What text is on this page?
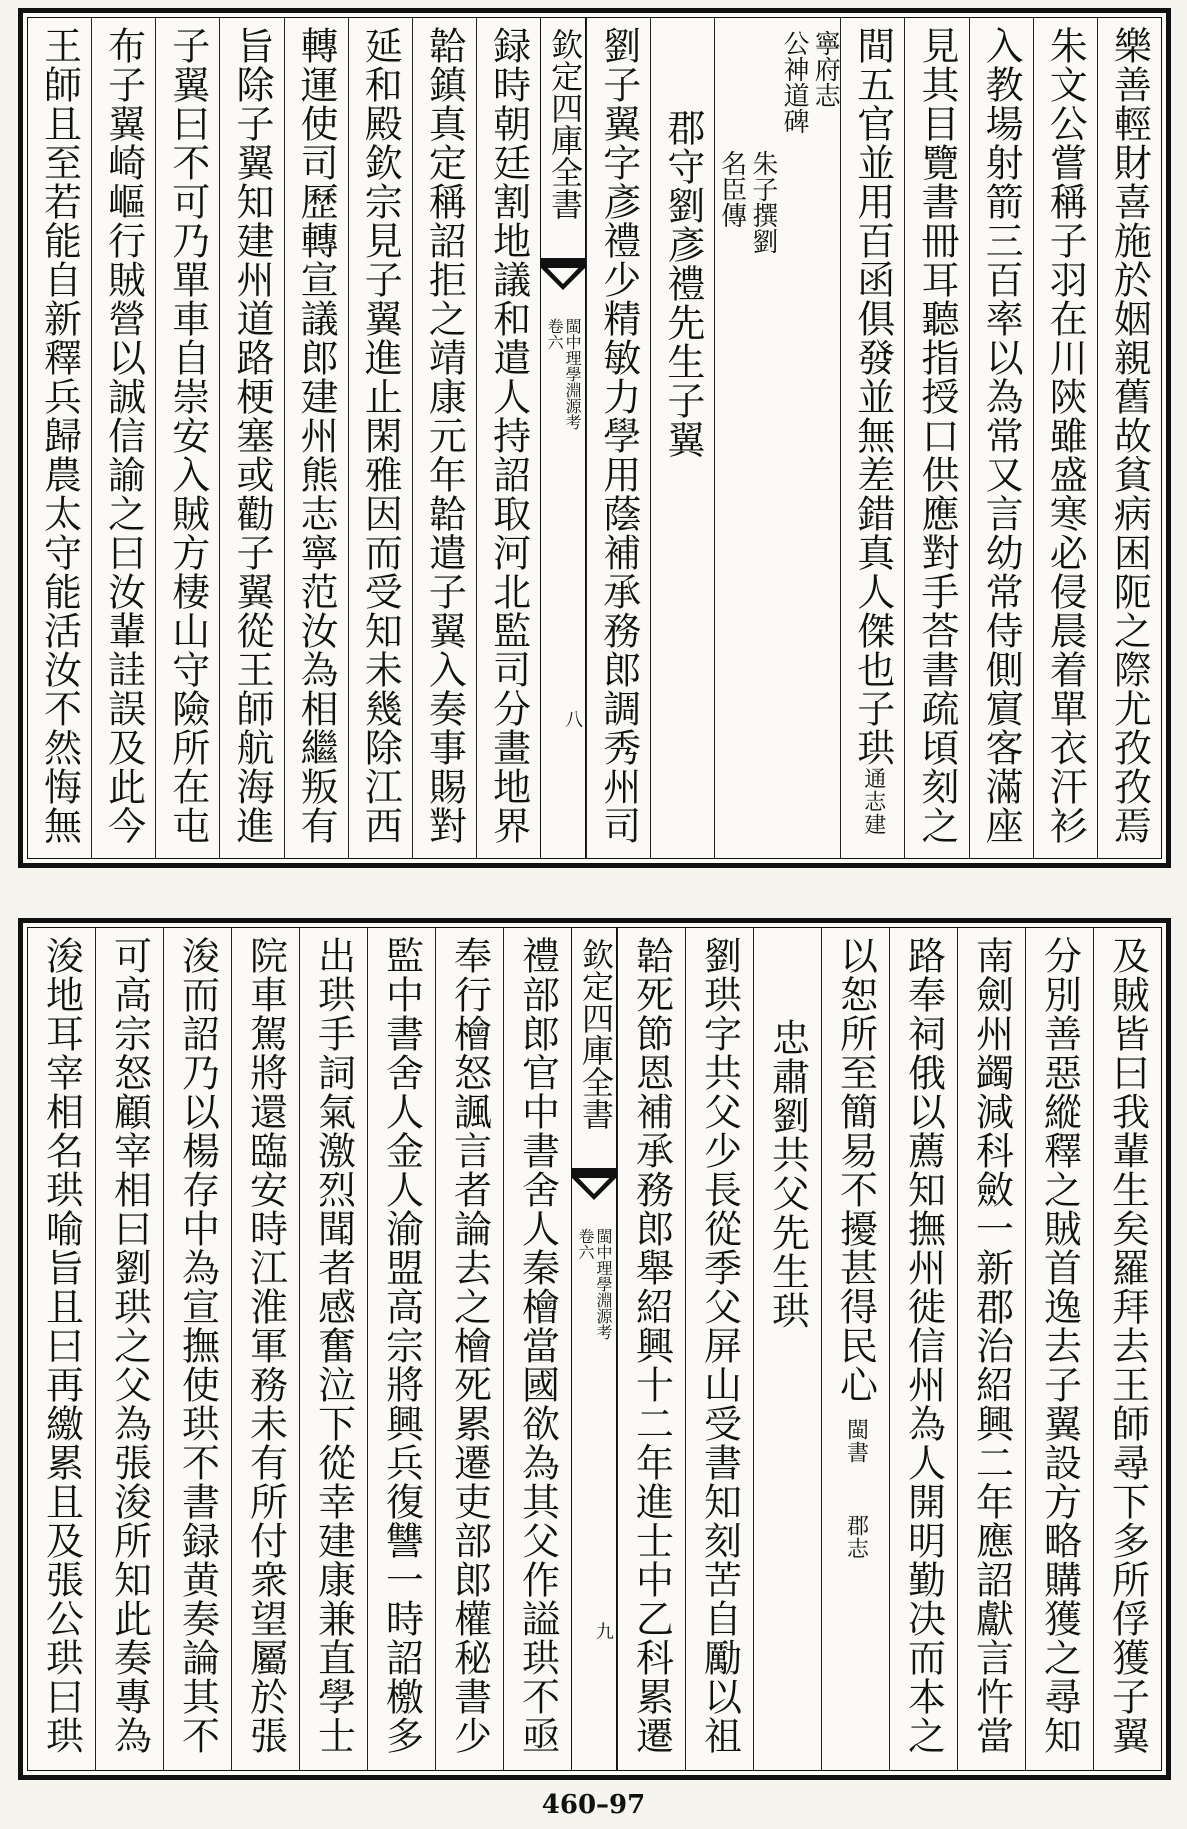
樂善輕財喜施於姻親舊故貧病困阨之際尤孜孜焉
朱文公嘗稱子羽在川陝雖盛寒必侵晨着單衣汗衫
入教場射箭三百率以為常又言幼常侍側賔客滿座
見其目覽書冊耳聽指授口供應對手荅書疏頃刻之
間五官並用百函俱發並無差錯真人傑也子珙
通志建
寧府志
公神道碑
朱子撰劉
名臣傳
郡守劉彥禮先生子翼
劉子翼字彥禮少精敏力學用蔭補承務郎調秀州司
欽定四庫全書
閩中理學淵源考
卷六
八
録時朝廷割地議和遣人持詔取河北監司分畫地界
韐鎮真定稱詔拒之靖康元年韐遣子翼入奏事賜對
延和殿欽宗見子翼進止閑雅因而受知未幾除江西
轉運使司歷轉宣議郎建州熊志寧范汝為相繼叛有
旨除子翼知建州道路梗塞或勸子翼從王師航海進
子翼曰不可乃單車自崇安入賊方棲山守險所在屯
布子翼崎嶇行賊營以誠信諭之曰汝輩詿誤及此今
王師且至若能自新釋兵歸農太守能活汝不然悔無
及賊皆曰我輩生矣羅拜去王師尋下多所俘獲子翼
分別善惡縱釋之賊首逸去子翼設方略購獲之尋知
南劍州蠲減科斂一新郡治紹興二年應詔獻言忤當
路奉祠俄以薦知撫州徙信州為人開明勤决而本之
以恕所至簡易不擾甚得民心
閩書
郡志
忠肅劉共父先生珙
劉珙字共父少長從季父屏山受書知刻苦自勵以祖
韐死節恩補承務郎舉紹興十二年進士中乙科累遷
欽定四庫全書
閩中理學淵源考
卷六
九
禮部郎官中書舍人秦檜當國欲為其父作謚珙不亟
奉行檜怒諷言者論去之檜死累遷吏部郎權秘書少
監中書舍人金人渝盟高宗將興兵復讐一時詔檄多
出珙手詞氣激烈聞者感奮泣下從幸建康兼直學士
院車駕將還臨安時江淮軍務未有所付衆望屬於張
浚而詔乃以楊存中為宣撫使珙不書録黄奏論其不
可高宗怒顧宰相曰劉珙之父為張浚所知此奏專為
浚地耳宰相名珙喻旨且曰再繳累且及張公珙曰珙
460–97
